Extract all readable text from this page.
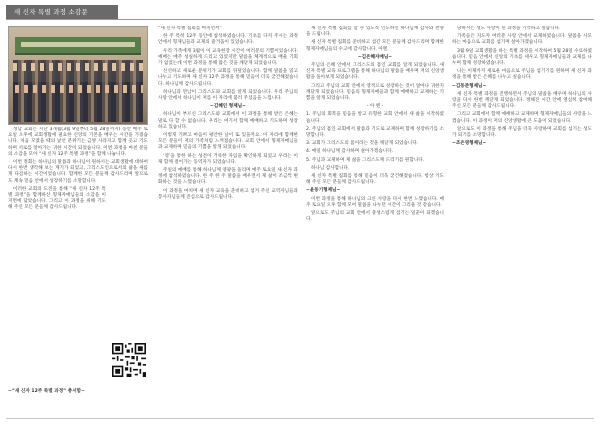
새 신자 특별 과정 소감문

성남 교회는 지난 3개월(3월 9일부터 5월 28일까지) 동안 매주 토요일 오후에 교회생활에 필요한 신앙의 기본을 배우는 시간을 가졌습니다. 처음 모였을 때의 낯선 분위기는 금방 사라지고 함께 웃고 기도하며 서로를 알아가는 귀한 시간이 되었습니다. 이번 과정을 마친 분들의 소감을 모아 “새 신자 12주 특별 과정”을 함께 나눕니다.

이번 정회는 하나님의 말씀과 하나님이 원하시는 교회생활에 대하여 다시 한번 생각해 보는 계기가 되었고, 그리스도인으로서의 삶을 새롭게 다짐하는 시간이었습니다. 함께한 모든 분들께 감사드리며 앞으로도 계속 믿음 안에서 성장하기를 소망합니다.

이러한 교회의 도전을 통해 “새 신자 12주 특별 과정”을 함께하신 형제자매님들의 소감을 이 지면에 담았습니다. 그리고 이 과정을 위해 기도해 주신 모든 분들께 감사드립니다.

~“새 신자 12주 특별 과정” 총서함~

“새 신자 특별 집회를 마치면서”

한 주 특히 12주 동안에 참석하였습니다. 기초를 다져 주시는 과정 안에서 형제님들과 교제의 즐거움이 있었습니다.

우리 가족에게 3월이 이 교육현장 시간이 여러분의 기쁨이었습니다. 예배는 매주 성실하게 드리고 있었지만 말씀을 체계적으로 배울 기회가 없었는데 이번 과정을 통해 많은 것을 깨닫게 되었습니다.

신선하고 새로운 분위기가 교회를 뒤덮었습니다. 함께 말씀을 읽고 나누고 기도하며 새 신자 12주 과정을 통해 믿음이 더욱 굳건해졌습니다. 하나님께 감사드립니다.

하나님과 만남이 그리스도와 교회를 알게 되었습니다. 우리 주님의 사랑 안에서 하나님이 저를 이 자리에 불러 주셨음을 느낍니다.

~김혜인 형제님~

하나님이 부르신 그리스도와 교회에서 이 과정을 통해 받은 은혜는 말로 다 할 수 없습니다. 우리는 여기서 함께 예배하고 기도하며 성장하고 있습니다.

이렇게 기쁘고 마음이 평안한 날이 또 있을까요. 이 자리에 함께한 모든 분들이 저의 가족처럼 느껴졌습니다. 교회 안에서 형제자매님들과 교제하며 믿음의 기쁨을 알게 되었습니다.

‘영’을 통한 하는 성전이 거룩한 자임을 확인하게 되었고 우리는 이제 함께 걸어가는 동역자가 되었습니다.

주일의 예배를 통해 하나님께 영광을 돌리며 매주 토요일 새 신자 과정에 참석하였습니다. 한 주 한 주 말씀을 배우면서 제 삶이 조금씩 변화하는 것을 느꼈습니다.

이 과정을 마치며 새 신자 교육을 준비하고 섬겨 주신 교역자님들과 봉사자님들께 진심으로 감사드립니다.

새 신자 특별 집회를 할 수 있도록 인도하신 하나님께 감사와 찬양을 드립니다.

새 신자 특별 집회를 준비하고 섬긴 모든 분들께 감사드리며 함께한 형제자매님들의 수고에 감사합니다. 아멘.

~김은혜자매님~

주님의 은혜 안에서 그리스도의 몸인 교회를 알게 되었습니다. 새 신자 특별 교육 프로그램을 통해 하나님의 말씀을 배우며 저의 신앙생활을 돌아보게 되었습니다.

그리고 주님의 교회 안에서 영적으로 성장하는 것이 얼마나 귀한지 깨닫게 되었습니다. 믿음의 형제자매들과 함께 예배하고 교제하는 기쁨을 알게 되었습니다.

- 아 멘 -

1. 주님의 회복을 믿음을 알고 유형한 교회 안에서 새 삶을 시작하였습니다.

2. 주님의 몸인 교회에서 말씀과 기도로 교제하며 함께 성장하기를 소망합니다.

3. 교회가 그리스도의 몸이라는 것을 깨닫게 되었습니다.

4. 매일 하나님께 감사하며 살아가겠습니다.

5. 주님과 교제하며 제 삶을 그리스도께 드리기를 원합니다.

하나님 감사합니다.

새 신자 특별 집회를 통해 믿음이 더욱 굳건해졌습니다. 항상 기도해 주신 모든 분들께 감사드립니다.

~윤동기형제님~

이번 과정을 통해 하나님의 크신 사랑을 다시 한번 느꼈습니다. 매주 토요일 오후 함께 모여 말씀을 나누던 시간이 그리울 것 같습니다.

앞으로도 주님의 교회 안에서 충성스럽게 섬기는 일꾼이 되겠습니다.

당하시는 성도 사랑이 된 과정을 기억하고 싶습니다.

가족들은 지도자 여러분 사랑 안에서 교제하였습니다. 말씀을 사모하는 마음으로 교회를 섬기며 살아가겠습니다.

3월 9일 교회생활을 하는 특별 과정을 시작하여 5월 28일 수료하였습니다. 믿음 안에서 신앙의 기초를 세우고 형제자매님들과 교제를 나누며 함께 성장하였습니다.

나는 이제까지 새로운 마음으로 주님을 섬기기를 원하며 새 신자 과정을 통해 받은 은혜를 나누고 싶습니다.

~김동준형제님~

새 신자 특별 과정을 진행하면서 주님의 말씀을 배우며 하나님의 사랑을 다시 한번 깨닫게 되었습니다. 정해진 시간 안에 열심히 참여해 주신 모든 분들께 감사드립니다.

그리고 교회에서 함께 예배하고 교제하며 형제자매님들의 사랑을 느꼈습니다. 이 과정이 저의 신앙생활에 큰 도움이 되었습니다.

앞으로도 이 과정을 통해 주님을 더욱 사랑하며 교회를 섬기는 성도가 되기를 소망합니다.

~조은영형제님~
